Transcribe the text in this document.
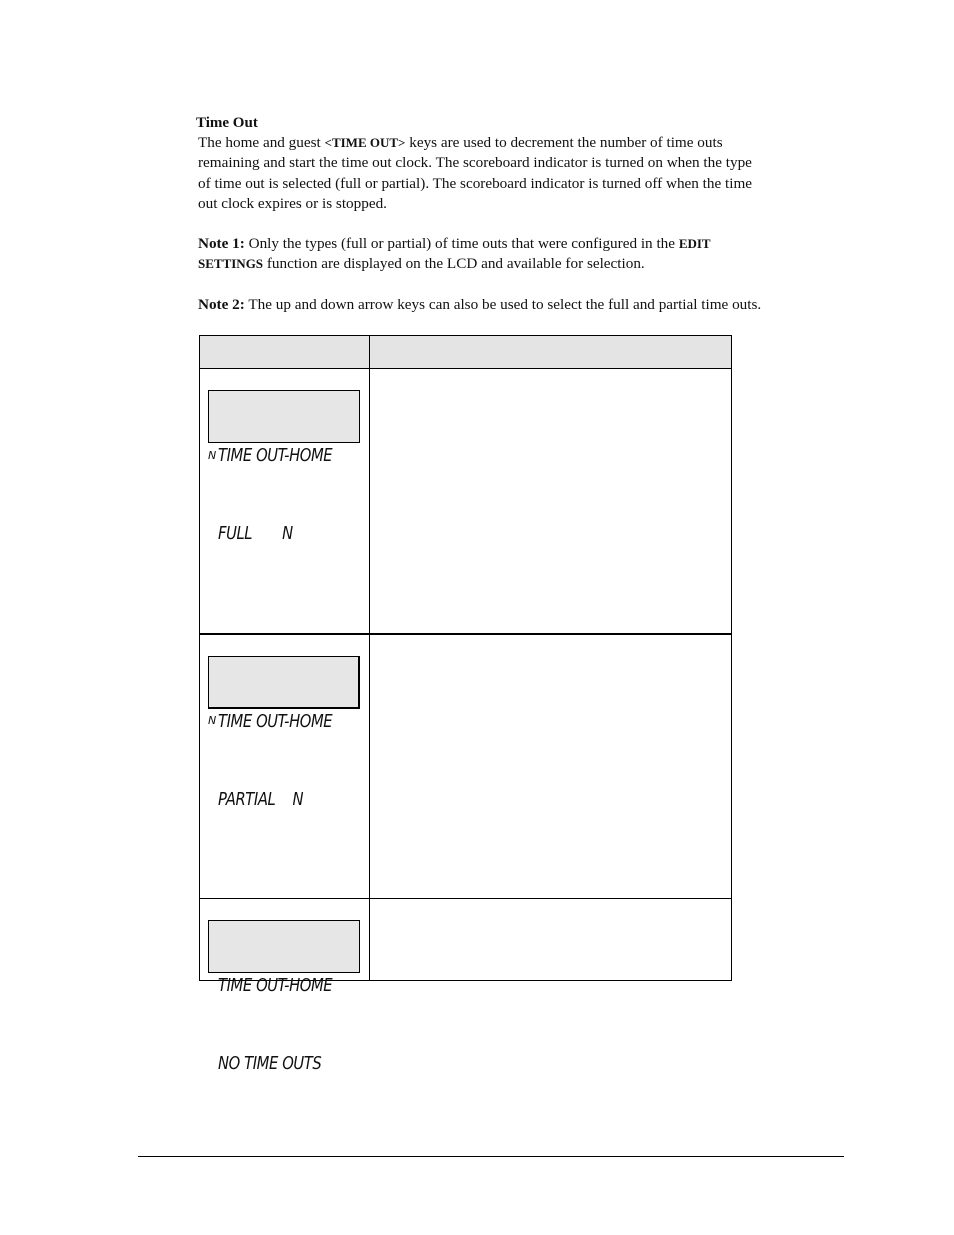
Time Out
The home and guest <TIME OUT> keys are used to decrement the number of time outs
remaining and start the time out clock. The scoreboard indicator is turned on when the type
of time out is selected (full or partial). The scoreboard indicator is turned off when the time
out clock expires or is stopped.
Note 1: Only the types (full or partial) of time outs that were configured in the EDIT
SETTINGS function are displayed on the LCD and available for selection.
Note 2: The up and down arrow keys can also be used to select the full and partial time outs.

TIME OUT-HOME

FULL       N

N

TIME OUT-HOME

PARTIAL    N

N

TIME OUT-HOME

NO TIME OUTS
